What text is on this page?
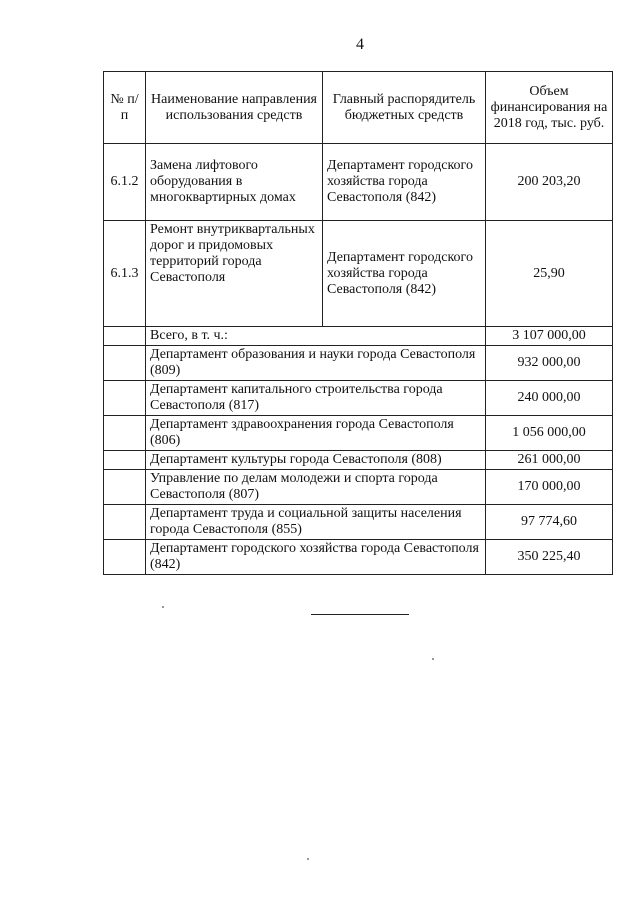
4
№ п/п	Наименование направления использования средств	Главный распорядитель бюджетных средств	Объем финансирования на 2018 год, тыс. руб.
6.1.2	Замена лифтового оборудования в многоквартирных домах	Департамент городского хозяйства города Севастополя (842)	200 203,20
6.1.3	Ремонт внутриквартальных дорог и придомовых территорий города Севастополя	Департамент городского хозяйства города Севастополя (842)	25,90
	Всего, в т. ч.:		3 107 000,00
	Департамент образования и науки города Севастополя (809)		932 000,00
	Департамент капитального строительства города Севастополя (817)		240 000,00
	Департамент здравоохранения города Севастополя (806)		1 056 000,00
	Департамент культуры города Севастополя (808)		261 000,00
	Управление по делам молодежи и спорта города Севастополя (807)		170 000,00
	Департамент труда и социальной защиты населения города Севастополя (855)		97 774,60
	Департамент городского хозяйства города Севастополя (842)		350 225,40
